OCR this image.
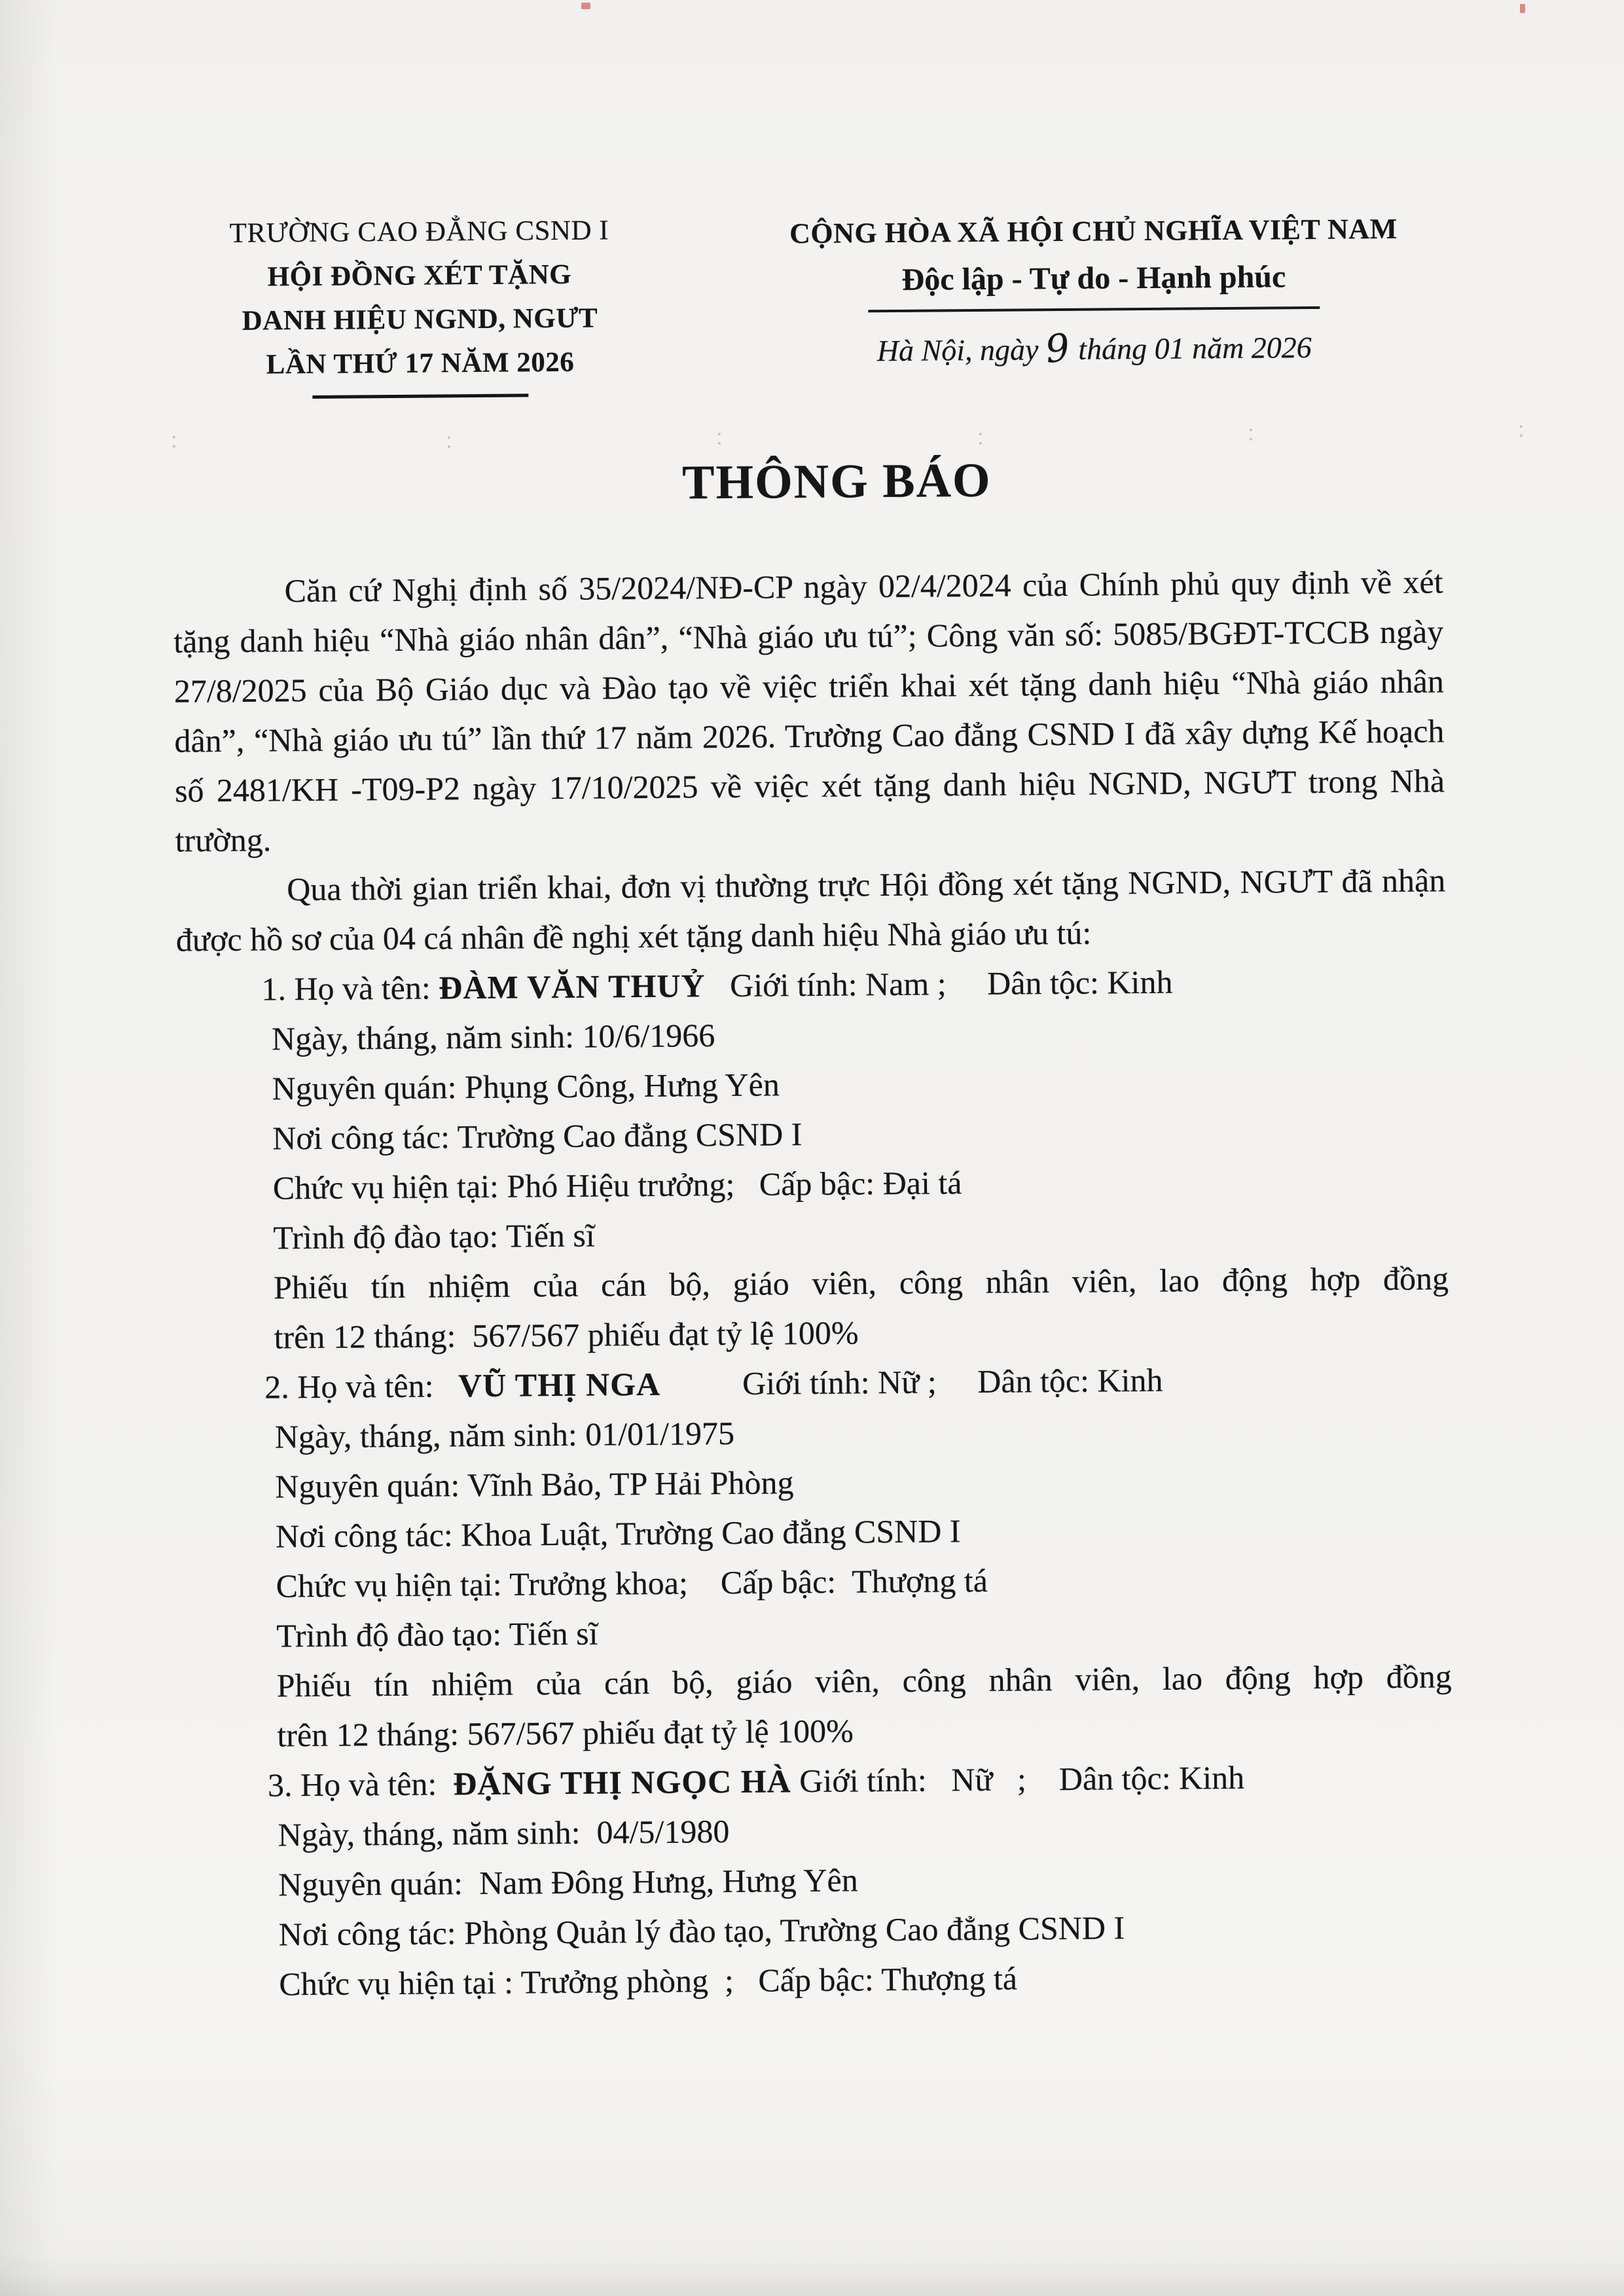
TRƯỜNG CAO ĐẲNG CSND I
HỘI ĐỒNG XÉT TẶNG
DANH HIỆU NGND, NGƯT
LẦN THỨ 17 NĂM 2026
CỘNG HÒA XÃ HỘI CHỦ NGHĨA VIỆT NAM
Độc lập - Tự do - Hạnh phúc
Hà Nội, ngày 9 tháng 01 năm 2026
THÔNG BÁO

Căn cứ Nghị định số 35/2024/NĐ-CP ngày 02/4/2024 của Chính phủ quy định về xét tặng danh hiệu “Nhà giáo nhân dân”, “Nhà giáo ưu tú”; Công văn số: 5085/BGĐT-TCCB ngày 27/8/2025 của Bộ Giáo dục và Đào tạo về việc triển khai xét tặng danh hiệu “Nhà giáo nhân dân”, “Nhà giáo ưu tú” lần thứ 17 năm 2026. Trường Cao đẳng CSND I đã xây dựng Kế hoạch số 2481/KH -T09-P2 ngày 17/10/2025 về việc xét tặng danh hiệu NGND, NGƯT trong Nhà trường.

Qua thời gian triển khai, đơn vị thường trực Hội đồng xét tặng NGND, NGƯT đã nhận được hồ sơ của 04 cá nhân đề nghị xét tặng danh hiệu Nhà giáo ưu tú:

1. Họ và tên: ĐÀM VĂN THUỶ   Giới tính: Nam ;     Dân tộc: Kinh
Ngày, tháng, năm sinh: 10/6/1966
Nguyên quán: Phụng Công, Hưng Yên
Nơi công tác: Trường Cao đẳng CSND I
Chức vụ hiện tại: Phó Hiệu trưởng;   Cấp bậc: Đại tá
Trình độ đào tạo: Tiến sĩ
Phiếu tín nhiệm của cán bộ, giáo viên, công nhân viên, lao động hợp đồng
trên 12 tháng:  567/567 phiếu đạt tỷ lệ 100%
2. Họ và tên:   VŨ THỊ NGA          Giới tính: Nữ ;     Dân tộc: Kinh
Ngày, tháng, năm sinh: 01/01/1975
Nguyên quán: Vĩnh Bảo, TP Hải Phòng
Nơi công tác: Khoa Luật, Trường Cao đẳng CSND I
Chức vụ hiện tại: Trưởng khoa;    Cấp bậc:  Thượng tá
Trình độ đào tạo: Tiến sĩ
Phiếu tín nhiệm của cán bộ, giáo viên, công nhân viên, lao động hợp đồng
trên 12 tháng: 567/567 phiếu đạt tỷ lệ 100%
3. Họ và tên:  ĐẶNG THỊ NGỌC HÀ Giới tính:   Nữ   ;    Dân tộc: Kinh
Ngày, tháng, năm sinh:  04/5/1980
Nguyên quán:  Nam Đông Hưng, Hưng Yên
Nơi công tác: Phòng Quản lý đào tạo, Trường Cao đẳng CSND I
Chức vụ hiện tại : Trưởng phòng  ;   Cấp bậc: Thượng tá
